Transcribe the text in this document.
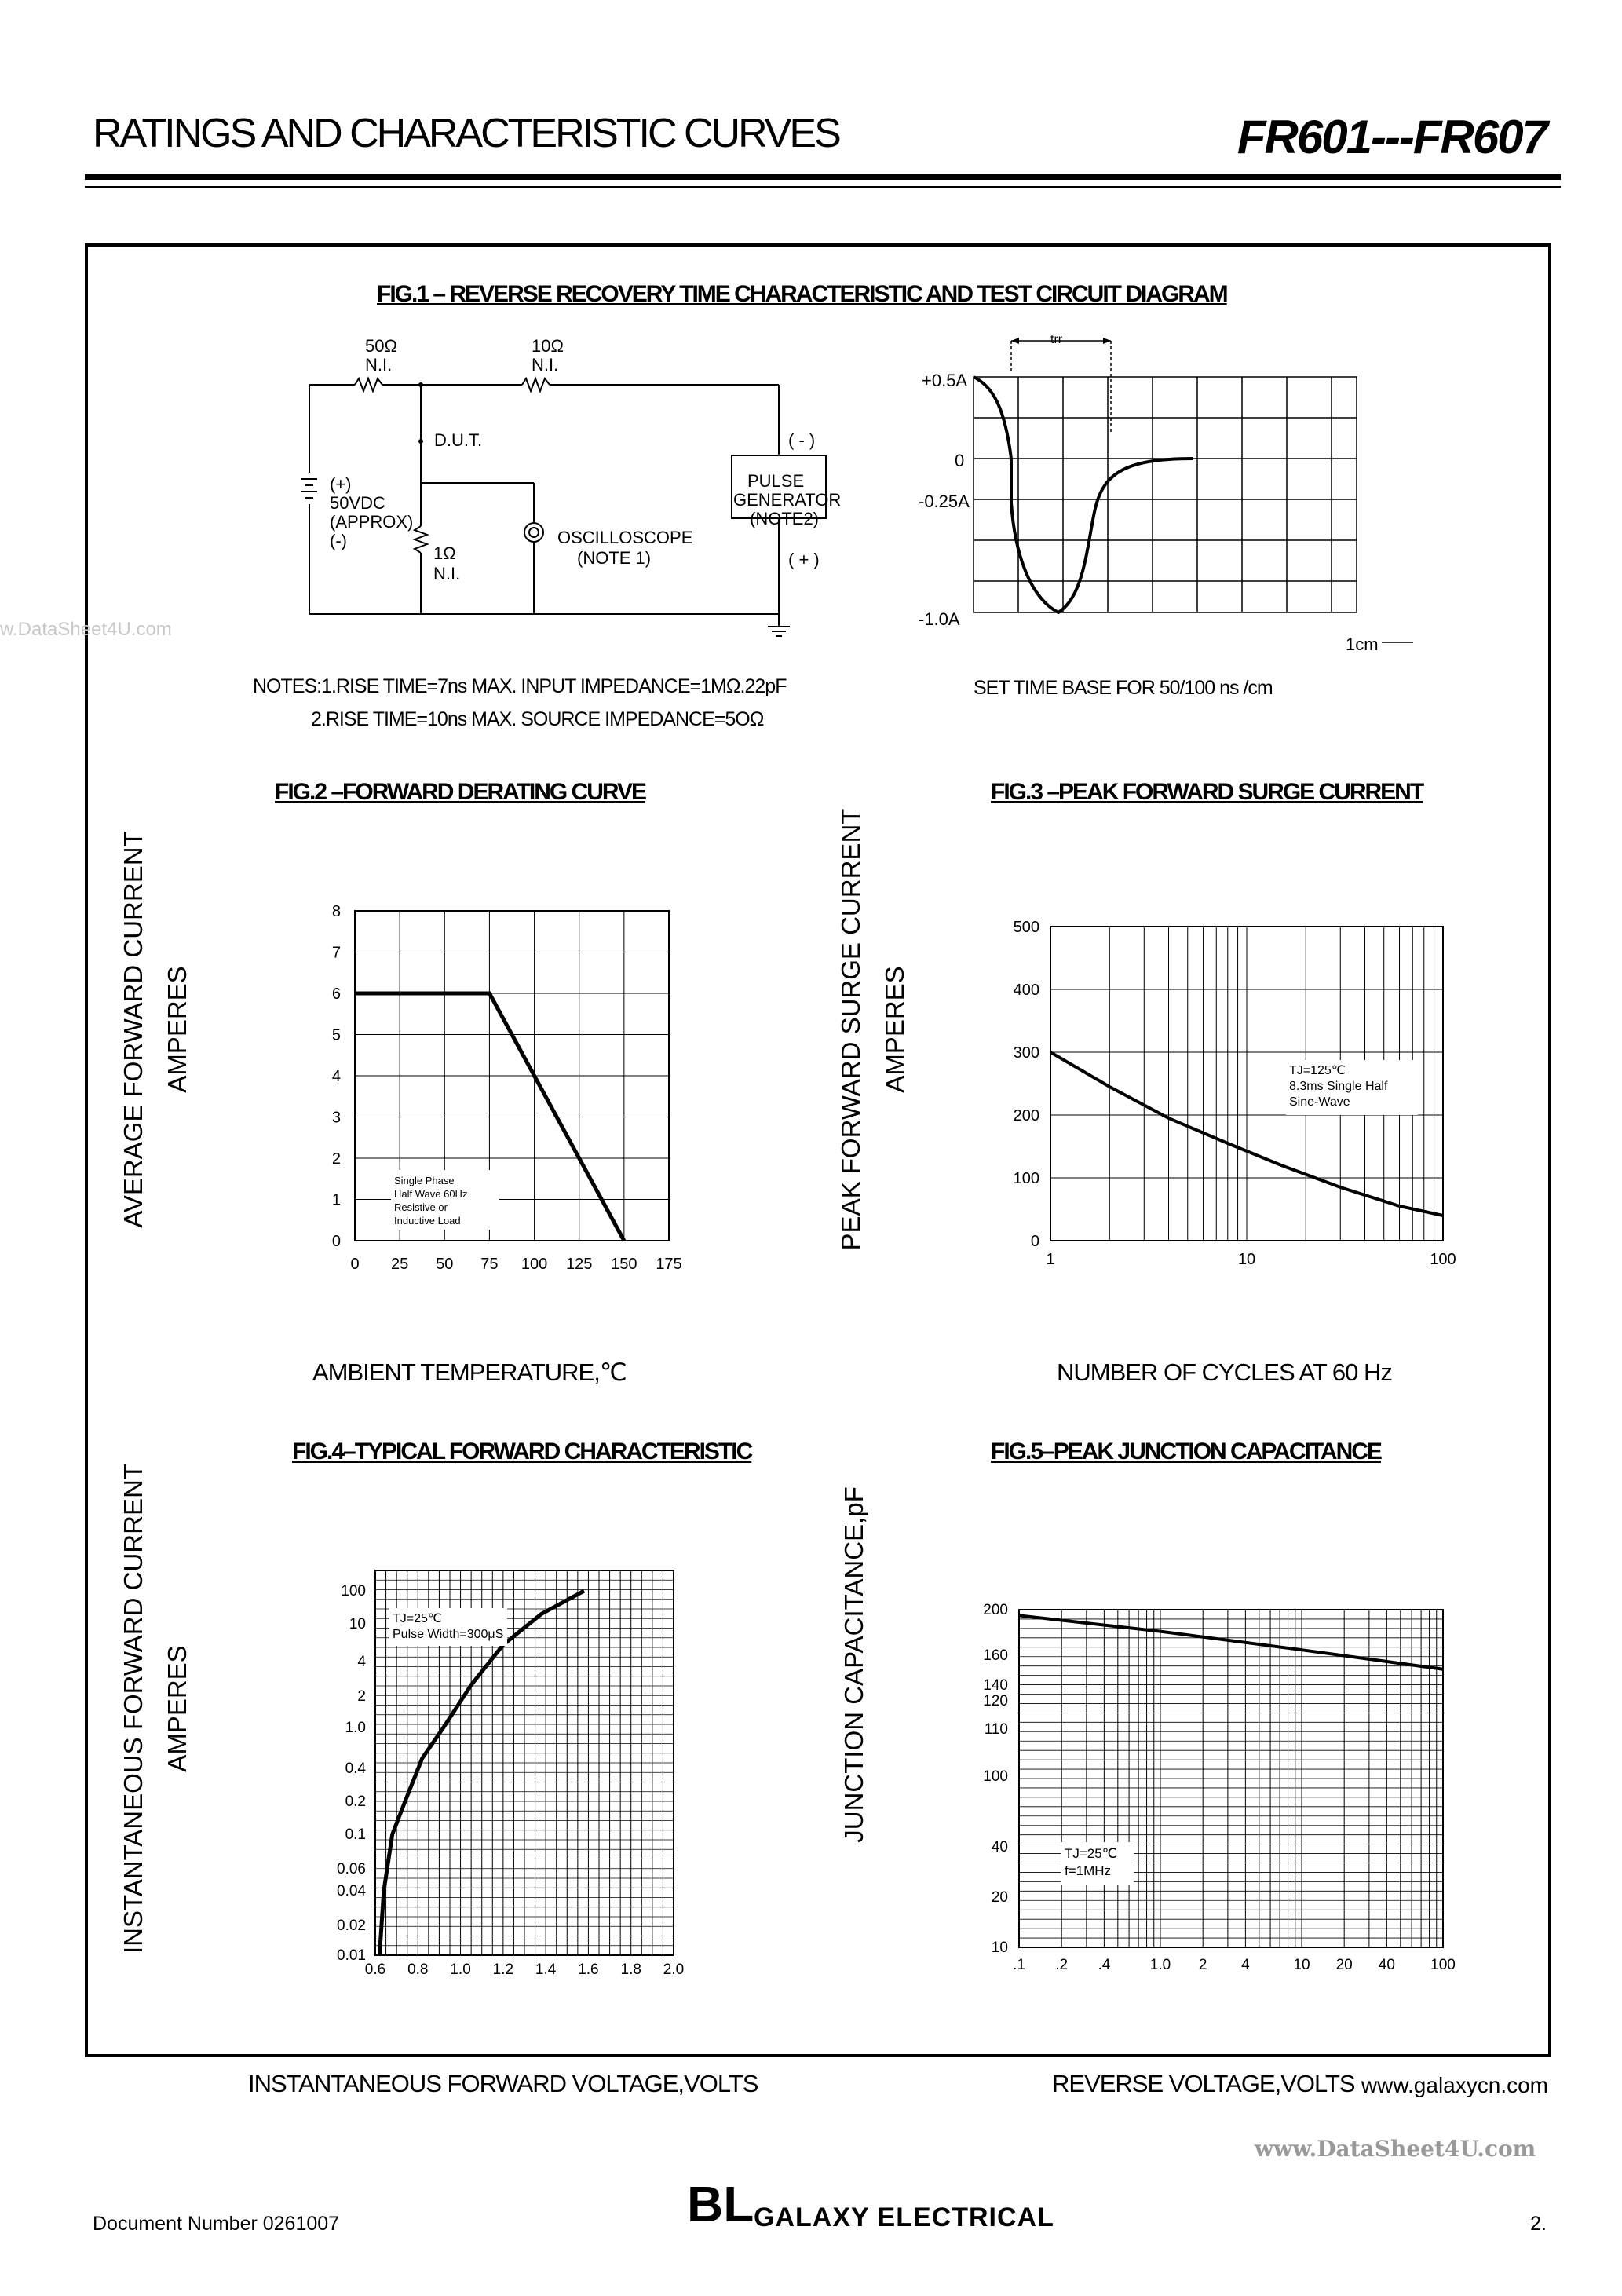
RATINGS AND CHARACTERISTIC CURVES	FR601---FR607
w.DataSheet4U.com
FIG.1 – REVERSE RECOVERY TIME CHARACTERISTIC AND TEST CIRCUIT DIAGRAM
50Ω
N.I.
10Ω
N.I.
D.U.T.
(+)
50VDC
(APPROX)
(-)
1Ω
N.I.
OSCILLOSCOPE
(NOTE 1)
PULSE
GENERATOR
(NOTE2)
( - )
( + )
NOTES:1.RISE TIME=7ns MAX. INPUT IMPEDANCE=1MΩ.22pF
2.RISE TIME=10ns MAX. SOURCE IMPEDANCE=5OΩ
+0.5A
0
-0.25A
-1.0A
trr
1cm
SET TIME BASE FOR 50/100 ns /cm
FIG.2 –FORWARD DERATING CURVE
AVERAGE FORWARD CURRENT AMPERES
0 25 50 75 100 125 150 175
0
1
2
3
4
5
6
7
8
Single Phase
Half Wave 60Hz
Resistive or
Inductive Load
AMBIENT TEMPERATURE,℃
FIG.3 –PEAK FORWARD SURGE CURRENT
PEAK FORWARD SURGE CURRENT AMPERES
1	10	100
0
100
200
300
400
500
TJ=125℃
8.3ms Single Half
Sine-Wave
NUMBER OF CYCLES AT 60 Hz
FIG.4–TYPICAL FORWARD CHARACTERISTIC
INSTANTANEOUS FORWARD CURRENT AMPERES
0.6 0.8 1.0 1.2 1.4 1.6 1.8 2.0
0.01
0.02
0.04
0.06
0.1
0.2
0.4
1.0
2
4
10
100
TJ=25℃
Pulse Width=300μS
INSTANTANEOUS FORWARD VOLTAGE,VOLTS
FIG.5–PEAK JUNCTION CAPACITANCE
JUNCTION CAPACITANCE,pF
.1 .2 .4	1.0 2 4	10 20 40 100
10
20
40
100
110
120
140
160
200
TJ=25℃
f=1MHz
REVERSE VOLTAGE,VOLTS www.galaxycn.com
www.DataSheet4U.com
Document Number 0261007	BL GALAXY ELECTRICAL	2.
